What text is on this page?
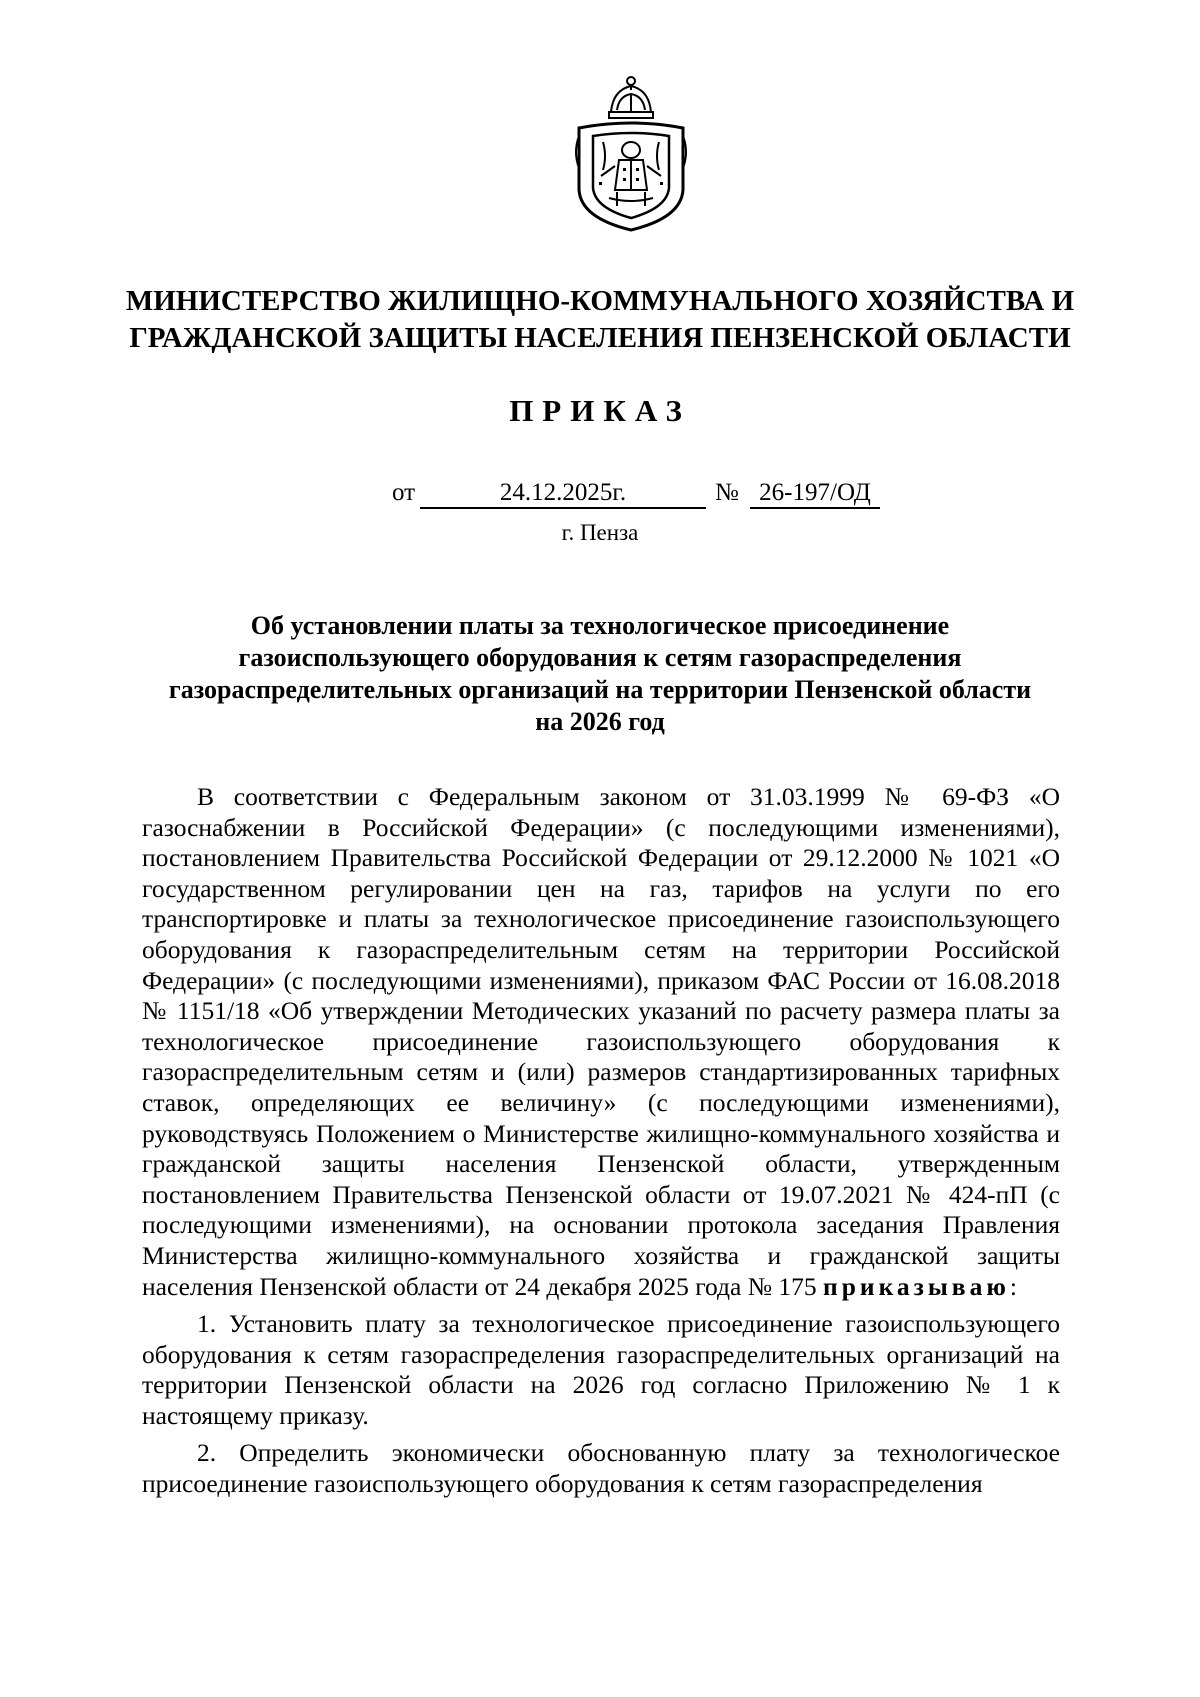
МИНИСТЕРСТВО ЖИЛИЩНО-КОММУНАЛЬНОГО ХОЗЯЙСТВА И
ГРАЖДАНСКОЙ ЗАЩИТЫ НАСЕЛЕНИЯ ПЕНЗЕНСКОЙ ОБЛАСТИ
ПРИКАЗ
от	24.12.2025г.	№ 26-197/ОД
г. Пенза
Об установлении платы за технологическое присоединение
газоиспользующего оборудования к сетям газораспределения
газораспределительных организаций на территории Пензенской области
на 2026 год

В соответствии с Федеральным законом от 31.03.1999 № 69-ФЗ «О газоснабжении в Российской Федерации» (с последующими изменениями), постановлением Правительства Российской Федерации от 29.12.2000 № 1021 «О государственном регулировании цен на газ, тарифов на услуги по его транспортировке и платы за технологическое присоединение газоиспользующего оборудования к газораспределительным сетям на территории Российской Федерации» (с последующими изменениями), приказом ФАС России от 16.08.2018 № 1151/18 «Об утверждении Методических указаний по расчету размера платы за технологическое присоединение газоиспользующего оборудования к газораспределительным сетям и (или) размеров стандартизированных тарифных ставок, определяющих ее величину» (с последующими изменениями), руководствуясь Положением о Министерстве жилищно-коммунального хозяйства и гражданской защиты населения Пензенской области, утвержденным постановлением Правительства Пензенской области от 19.07.2021 № 424-пП (с последующими изменениями), на основании протокола заседания Правления Министерства жилищно-коммунального хозяйства и гражданской защиты населения Пензенской области от 24 декабря 2025 года № 175 приказываю:

1. Установить плату за технологическое присоединение газоиспользующего оборудования к сетям газораспределения газораспределительных организаций на территории Пензенской области на 2026 год согласно Приложению № 1 к настоящему приказу.

2. Определить экономически обоснованную плату за технологическое присоединение газоиспользующего оборудования к сетям газораспределения
